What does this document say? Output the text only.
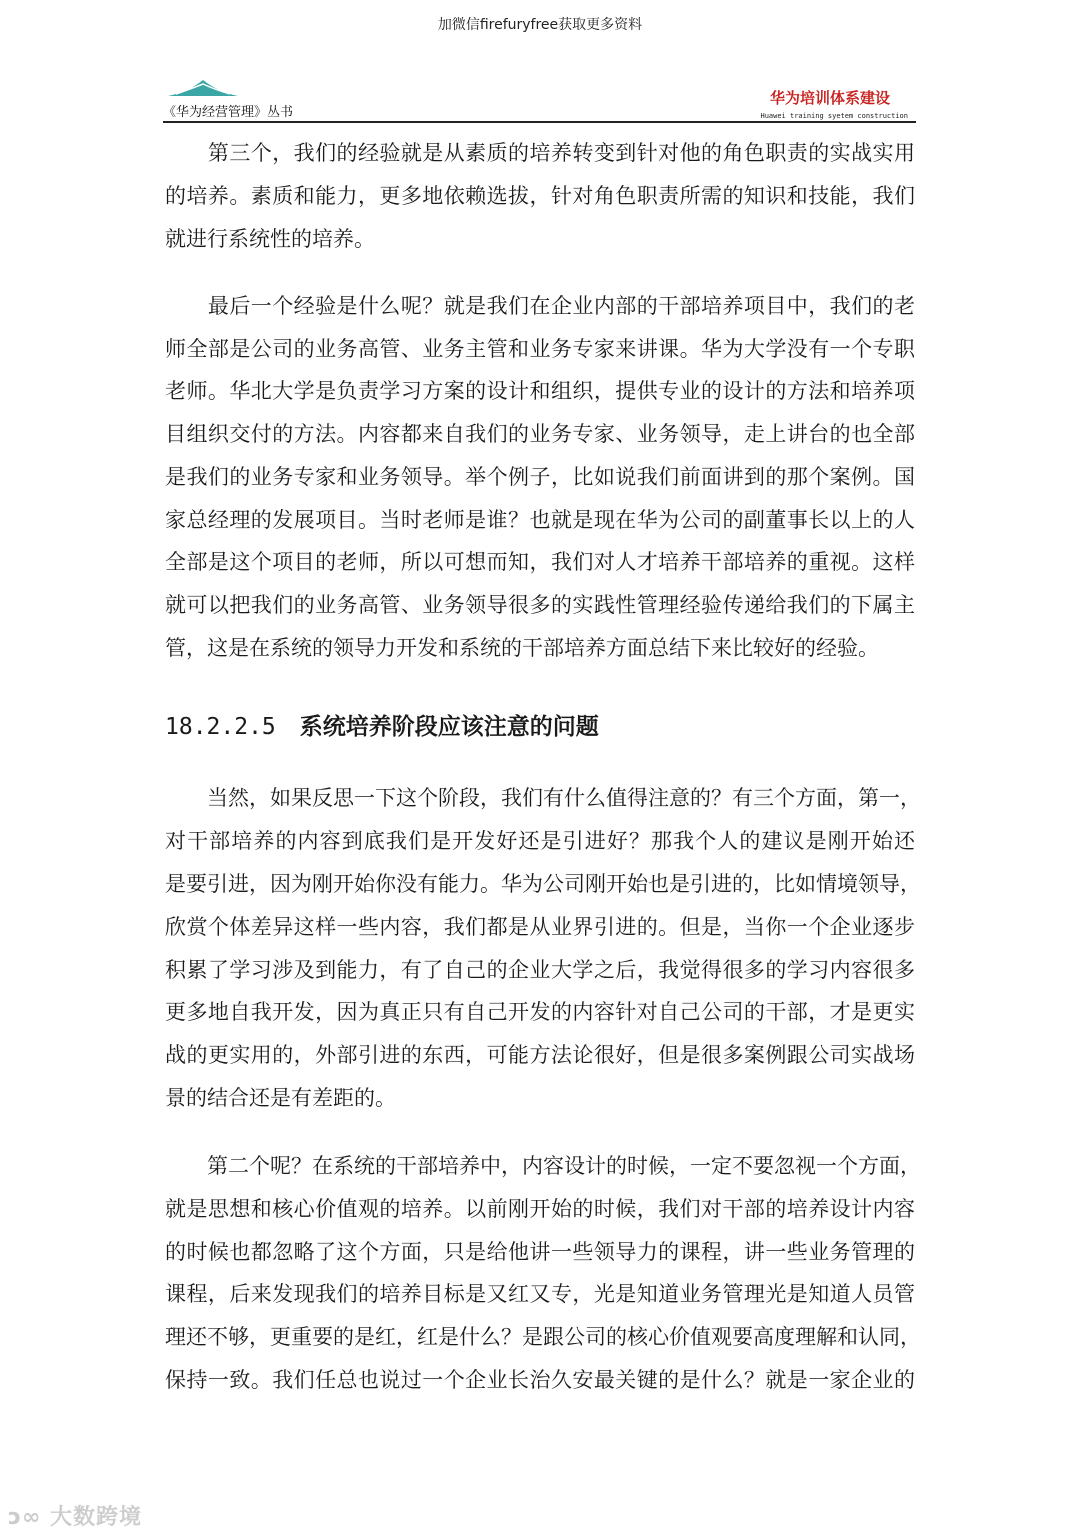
加微信firefuryfree获取更多资料
《华为经营管理》丛书
华为培训体系建设
Huawei training syetem construction
　　第三个，我们的经验就是从素质的培养转变到针对他的角色职责的实战实用
的培养。素质和能力，更多地依赖选拔，针对角色职责所需的知识和技能，我们
就进行系统性的培养。
　　最后一个经验是什么呢？就是我们在企业内部的干部培养项目中，我们的老
师全部是公司的业务高管、业务主管和业务专家来讲课。华为大学没有一个专职
老师。华北大学是负责学习方案的设计和组织，提供专业的设计的方法和培养项
目组织交付的方法。内容都来自我们的业务专家、业务领导，走上讲台的也全部
是我们的业务专家和业务领导。举个例子，比如说我们前面讲到的那个案例。国
家总经理的发展项目。当时老师是谁？也就是现在华为公司的副董事长以上的人
全部是这个项目的老师，所以可想而知，我们对人才培养干部培养的重视。这样
就可以把我们的业务高管、业务领导很多的实践性管理经验传递给我们的下属主
管，这是在系统的领导力开发和系统的干部培养方面总结下来比较好的经验。
18.2.2.5 系统培养阶段应该注意的问题
　　当然，如果反思一下这个阶段，我们有什么值得注意的？有三个方面，第一，
对干部培养的内容到底我们是开发好还是引进好？那我个人的建议是刚开始还
是要引进，因为刚开始你没有能力。华为公司刚开始也是引进的，比如情境领导，
欣赏个体差异这样一些内容，我们都是从业界引进的。但是，当你一个企业逐步
积累了学习涉及到能力，有了自己的企业大学之后，我觉得很多的学习内容很多
更多地自我开发，因为真正只有自己开发的内容针对自己公司的干部，才是更实
战的更实用的，外部引进的东西，可能方法论很好，但是很多案例跟公司实战场
景的结合还是有差距的。
　　第二个呢？在系统的干部培养中，内容设计的时候，一定不要忽视一个方面，
就是思想和核心价值观的培养。以前刚开始的时候，我们对干部的培养设计内容
的时候也都忽略了这个方面，只是给他讲一些领导力的课程，讲一些业务管理的
课程，后来发现我们的培养目标是又红又专，光是知道业务管理光是知道人员管
理还不够，更重要的是红，红是什么？是跟公司的核心价值观要高度理解和认同，
保持一致。我们任总也说过一个企业长治久安最关键的是什么？就是一家企业的
ↄ∞ 大数跨境
